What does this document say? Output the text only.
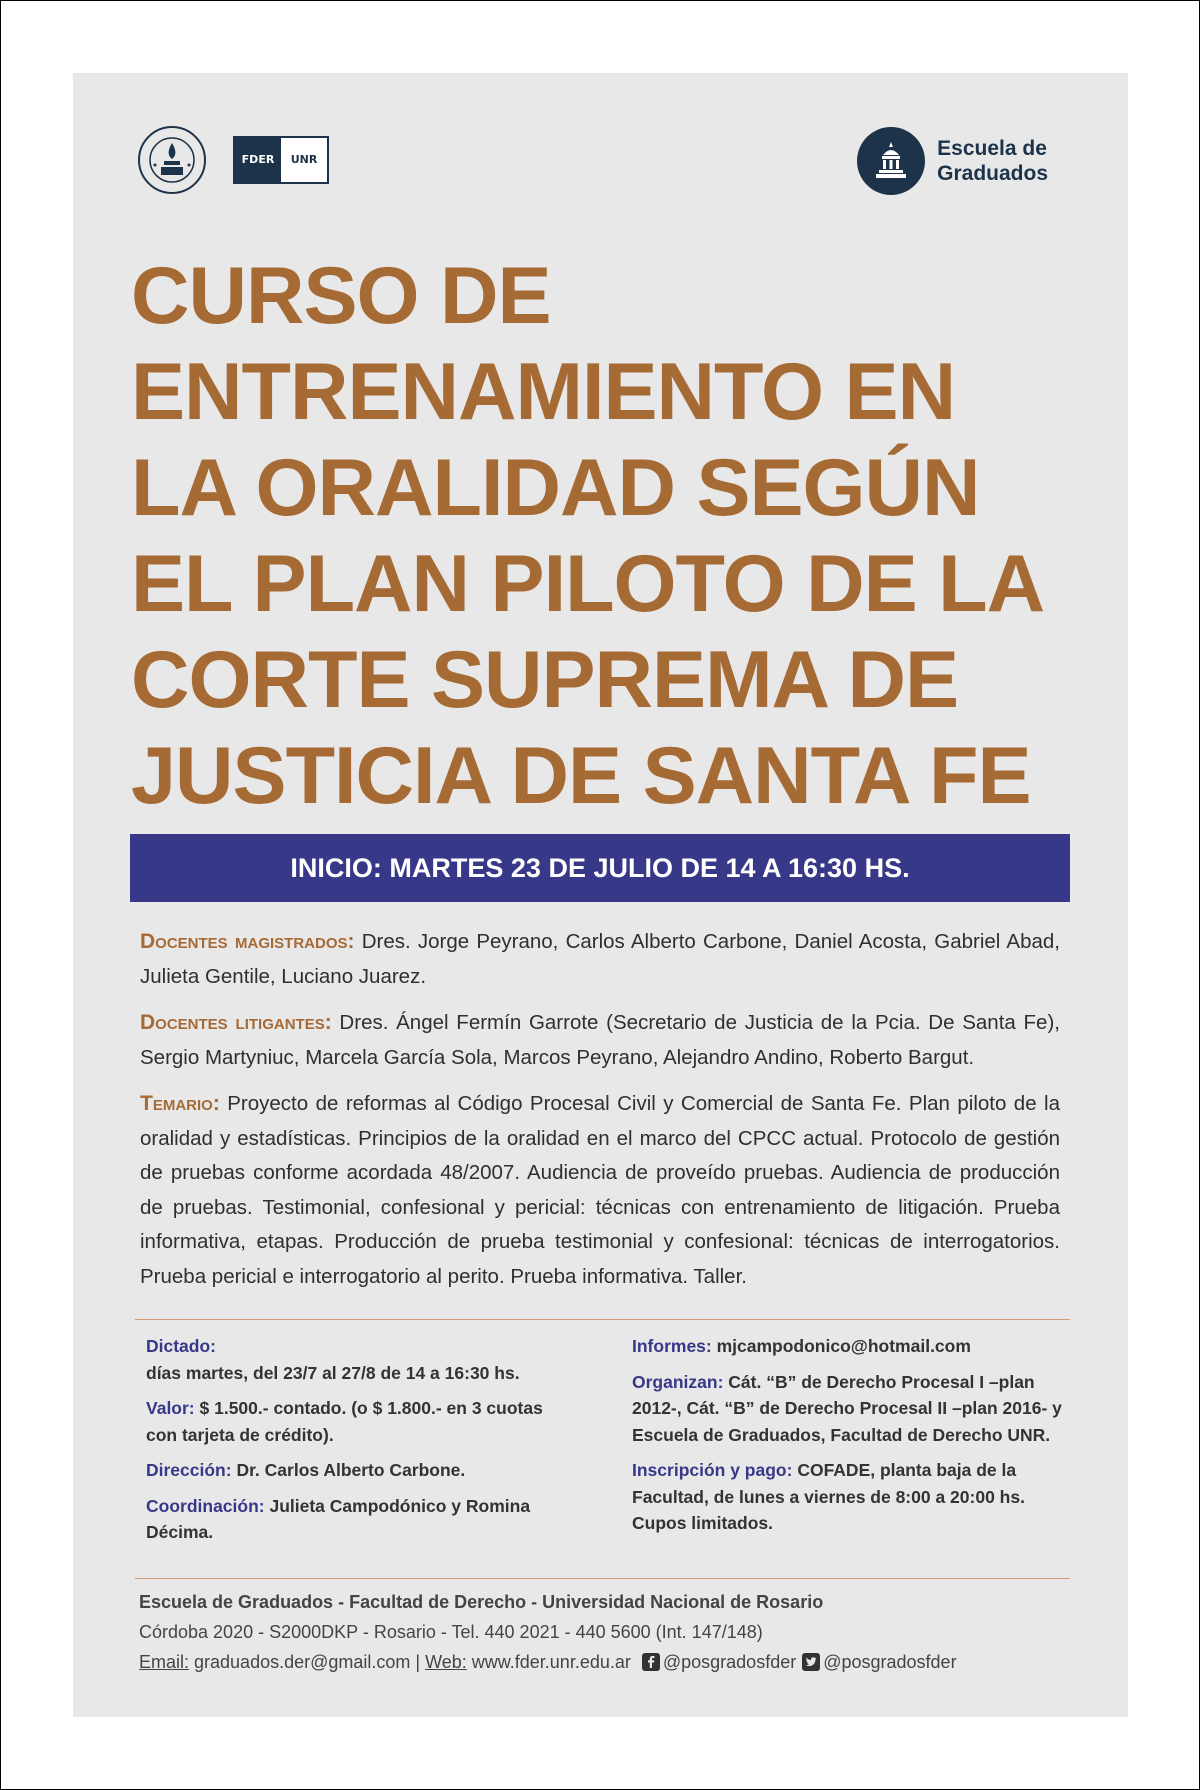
FDER	UNR	Escuela de
Graduados
CURSO DE
ENTRENAMIENTO EN
LA ORALIDAD SEGÚN
EL PLAN PILOTO DE LA
CORTE SUPREMA DE
JUSTICIA DE SANTA FE
INICIO: MARTES 23 DE JULIO DE 14 A 16:30 HS.

Docentes magistrados: Dres. Jorge Peyrano, Carlos Alberto Carbone, Daniel Acosta, Gabriel Abad, Julieta Gentile, Luciano Juarez.

Docentes litigantes: Dres. Ángel Fermín Garrote (Secretario de Justicia de la Pcia. De Santa Fe), Sergio Martyniuc, Marcela García Sola, Marcos Peyrano, Alejandro Andino, Roberto Bargut.

Temario: Proyecto de reformas al Código Procesal Civil y Comercial de Santa Fe. Plan piloto de la oralidad y estadísticas. Principios de la oralidad en el marco del CPCC actual. Protocolo de gestión de pruebas conforme acordada 48/2007. Audiencia de proveído pruebas. Audiencia de producción de pruebas. Testimonial, confesional y pericial: técnicas con entrenamiento de litigación. Prueba informativa, etapas. Producción de prueba testimonial y confesional: técnicas de interrogatorios. Prueba pericial e interrogatorio al perito. Prueba informativa. Taller.

Dictado:
días martes, del 23/7 al 27/8 de 14 a 16:30 hs.

Valor: $ 1.500.- contado. (o $ 1.800.- en 3 cuotas con tarjeta de crédito).

Dirección: Dr. Carlos Alberto Carbone.

Coordinación: Julieta Campodónico y Romina Décima.

Informes: mjcampodonico@hotmail.com

Organizan: Cát. “B” de Derecho Procesal I –plan 2012-, Cát. “B” de Derecho Procesal II –plan 2016- y Escuela de Graduados, Facultad de Derecho UNR.

Inscripción y pago: COFADE, planta baja de la Facultad, de lunes a viernes de 8:00 a 20:00 hs. Cupos limitados.

Escuela de Graduados - Facultad de Derecho - Universidad Nacional de Rosario
Córdoba 2020 - S2000DKP - Rosario - Tel. 440 2021 - 440 5600 (Int. 147/148)
Email: graduados.der@gmail.com | Web: www.fder.unr.edu.ar
@posgradosfder @posgradosfder
